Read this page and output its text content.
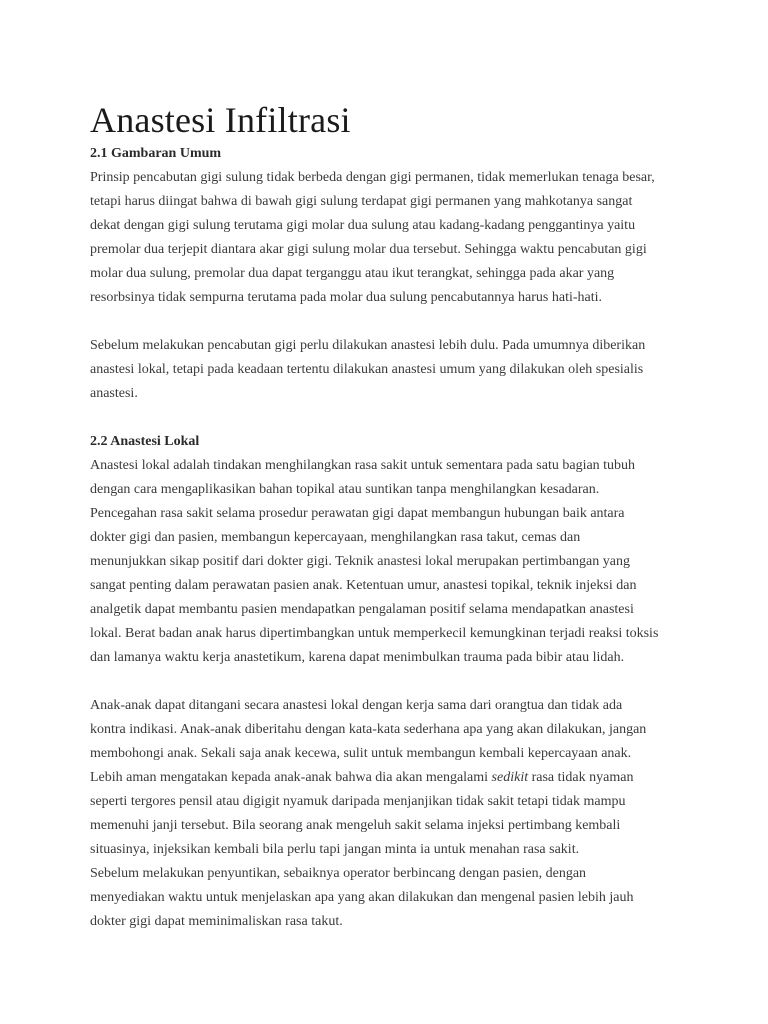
Anastesi Infiltrasi
2.1 Gambaran Umum

Prinsip pencabutan gigi sulung tidak berbeda dengan gigi permanen, tidak memerlukan tenaga besar,
tetapi harus diingat bahwa di bawah gigi sulung terdapat gigi permanen yang mahkotanya sangat
dekat dengan gigi sulung terutama gigi molar dua sulung atau kadang-kadang penggantinya yaitu
premolar dua terjepit diantara akar gigi sulung molar dua tersebut. Sehingga waktu pencabutan gigi
molar dua sulung, premolar dua dapat terganggu atau ikut terangkat, sehingga pada akar yang
resorbsinya tidak sempurna terutama pada molar dua sulung pencabutannya harus hati-hati.

Sebelum melakukan pencabutan gigi perlu dilakukan anastesi lebih dulu. Pada umumnya diberikan
anastesi lokal, tetapi pada keadaan tertentu dilakukan anastesi umum yang dilakukan oleh spesialis
anastesi.

2.2 Anastesi Lokal

Anastesi lokal adalah tindakan menghilangkan rasa sakit untuk sementara pada satu bagian tubuh
dengan cara mengaplikasikan bahan topikal atau suntikan tanpa menghilangkan kesadaran.
Pencegahan rasa sakit selama prosedur perawatan gigi dapat membangun hubungan baik antara
dokter gigi dan pasien, membangun kepercayaan, menghilangkan rasa takut, cemas dan
menunjukkan sikap positif dari dokter gigi. Teknik anastesi lokal merupakan pertimbangan yang
sangat penting dalam perawatan pasien anak. Ketentuan umur, anastesi topikal, teknik injeksi dan
analgetik dapat membantu pasien mendapatkan pengalaman positif selama mendapatkan anastesi
lokal. Berat badan anak harus dipertimbangkan untuk memperkecil kemungkinan terjadi reaksi toksis
dan lamanya waktu kerja anastetikum, karena dapat menimbulkan trauma pada bibir atau lidah.

Anak-anak dapat ditangani secara anastesi lokal dengan kerja sama dari orangtua dan tidak ada
kontra indikasi. Anak-anak diberitahu dengan kata-kata sederhana apa yang akan dilakukan, jangan
membohongi anak. Sekali saja anak kecewa, sulit untuk membangun kembali kepercayaan anak.
Lebih aman mengatakan kepada anak-anak bahwa dia akan mengalami sedikit rasa tidak nyaman
seperti tergores pensil atau digigit nyamuk daripada menjanjikan tidak sakit tetapi tidak mampu
memenuhi janji tersebut. Bila seorang anak mengeluh sakit selama injeksi pertimbang kembali
situasinya, injeksikan kembali bila perlu tapi jangan minta ia untuk menahan rasa sakit.
Sebelum melakukan penyuntikan, sebaiknya operator berbincang dengan pasien, dengan
menyediakan waktu untuk menjelaskan apa yang akan dilakukan dan mengenal pasien lebih jauh
dokter gigi dapat meminimaliskan rasa takut.
